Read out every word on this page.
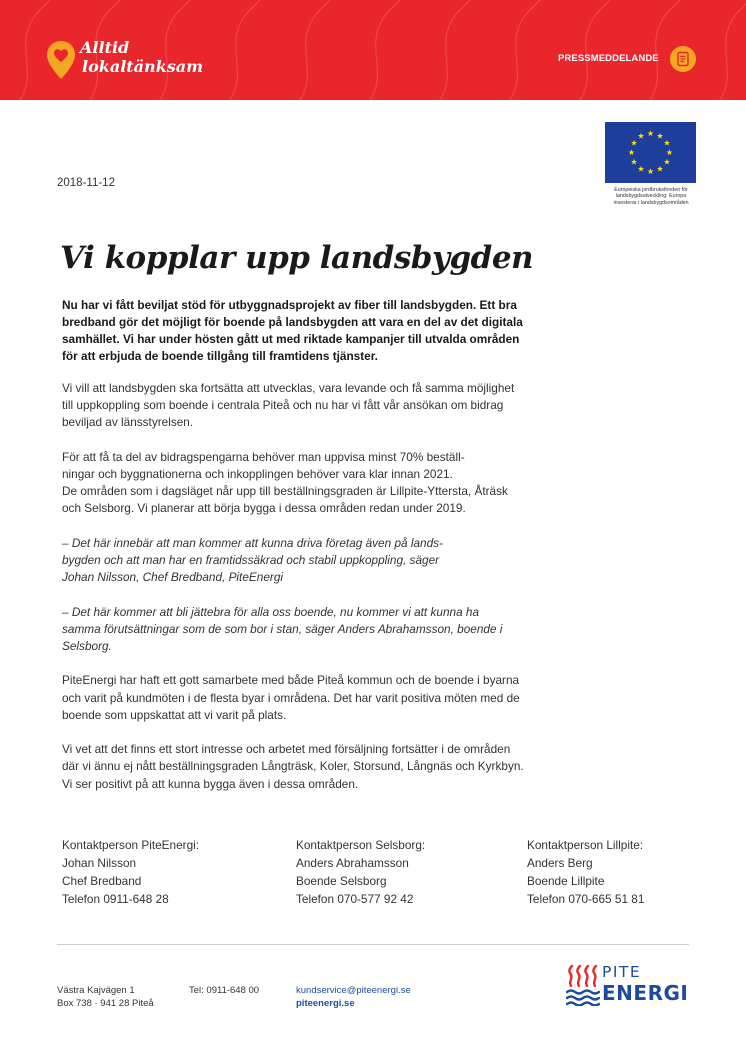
Alltid
lokaltänksam	PRESSMEDDELANDE
Europeiska jordbruksfonden för
landsbygdsutveckling: Europa
investerar i landsbygdsområden
2018-11-12
Vi kopplar upp landsbygden

Nu har vi fått beviljat stöd för utbyggnadsprojekt av fiber till landsbygden. Ett bra

bredband gör det möjligt för boende på landsbygden att vara en del av det digitala

samhället. Vi har under hösten gått ut med riktade kampanjer till utvalda områden

för att erbjuda de boende tillgång till framtidens tjänster.

Vi vill att landsbygden ska fortsätta att utvecklas, vara levande och få samma möjlighet

till uppkoppling som boende i centrala Piteå och nu har vi fått vår ansökan om bidrag

beviljad av länsstyrelsen.

För att få ta del av bidragspengarna behöver man uppvisa minst 70% beställ-

ningar och byggnationerna och inkopplingen behöver vara klar innan 2021.

De områden som i dagsläget når upp till beställningsgraden är Lillpite-Yttersta, Åträsk

och Selsborg. Vi planerar att börja bygga i dessa områden redan under 2019.

– Det här innebär att man kommer att kunna driva företag även på lands-

bygden och att man har en framtidssäkrad och stabil uppkoppling, säger

Johan Nilsson, Chef Bredband, PiteEnergi

– Det här kommer att bli jättebra för alla oss boende, nu kommer vi att kunna ha

samma förutsättningar som de som bor i stan, säger Anders Abrahamsson, boende i

Selsborg.

PiteEnergi har haft ett gott samarbete med både Piteå kommun och de boende i byarna

och varit på kundmöten i de flesta byar i områdena. Det har varit positiva möten med de

boende som uppskattat att vi varit på plats.

Vi vet att det finns ett stort intresse och arbetet med försäljning fortsätter i de områden

där vi ännu ej nått beställningsgraden Långträsk, Koler, Storsund, Långnäs och Kyrkbyn.

Vi ser positivt på att kunna bygga även i dessa områden.

Kontaktperson PiteEnergi:
Johan Nilsson
Chef Bredband
Telefon 0911-648 28
Kontaktperson Selsborg:
Anders Abrahamsson
Boende Selsborg
Telefon 070-577 92 42
Kontaktperson Lillpite:
Anders Berg
Boende Lillpite
Telefon 070-665 51 81
Västra Kajvägen 1
Box 738 · 941 28 Piteå
Tel: 0911-648 00	kundservice@piteenergi.se
piteenergi.se
PITE
ENERGI
